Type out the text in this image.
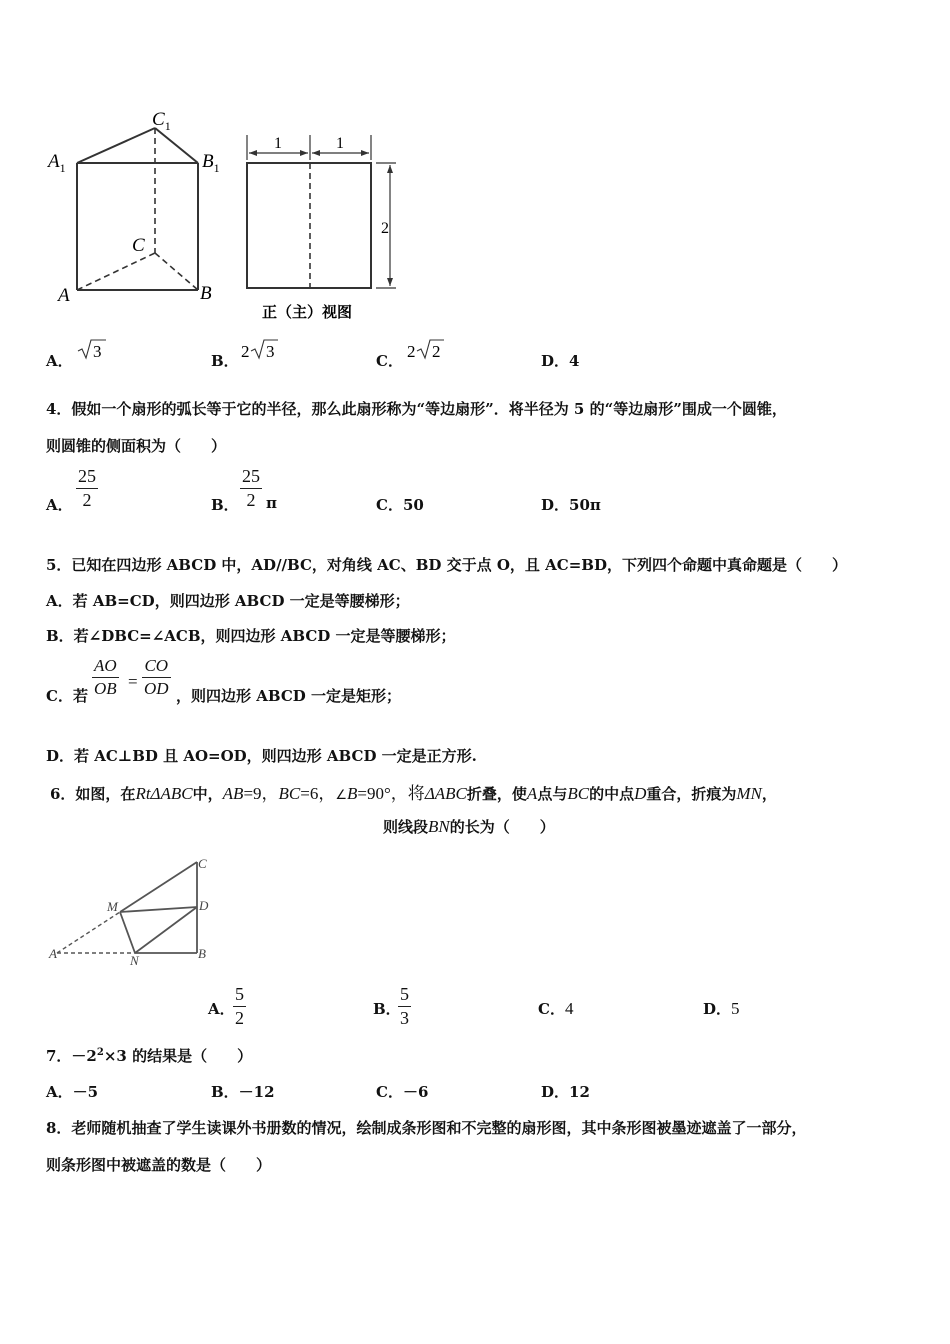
$C_1$
$A_1$	$B_1$
C
A	B
1	1
2
正（主）视图
A． 3	B． 2 3	C． 2 2	D．4
4．假如一个扇形的弧长等于它的半径，那么此扇形称为“等边扇形”．将半径为 5 的“等边扇形”围成一个圆锥，
则圆锥的侧面积为（　　）
A．
25
2	B．
25
2 π	C．50	D．50π
5．已知在四边形 ABCD 中，AD//BC，对角线 AC、BD 交于点 O，且 AC=BD，下列四个命题中真命题是（　　）
A．若 AB=CD，则四边形 ABCD 一定是等腰梯形；
B．若∠DBC=∠ACB，则四边形 ABCD 一定是等腰梯形；
C．若
AO
OB =
CO
OD ，则四边形 ABCD 一定是矩形；
D．若 AC⊥BD 且 AO=OD，则四边形 ABCD 一定是正方形.
6．如图，在 RtΔABC 中， AB =9， BC =6， ∠ B =90°，将 ΔABC 折叠，使 A 点与 BC 的中点 D 重合，折痕为 MN ，
则线段 BN 的长为（　　）
C
M	D
A	N	B
A．
5
2	B．
5
3	C．4	D．5
7．$-2^2\times 3$ 的结果是（　　）
A．－5	B．－12	C．－6	D．12
8．老师随机抽查了学生读课外书册数的情况，绘制成条形图和不完整的扇形图，其中条形图被墨迹遮盖了一部分，
则条形图中被遮盖的数是（　　）
